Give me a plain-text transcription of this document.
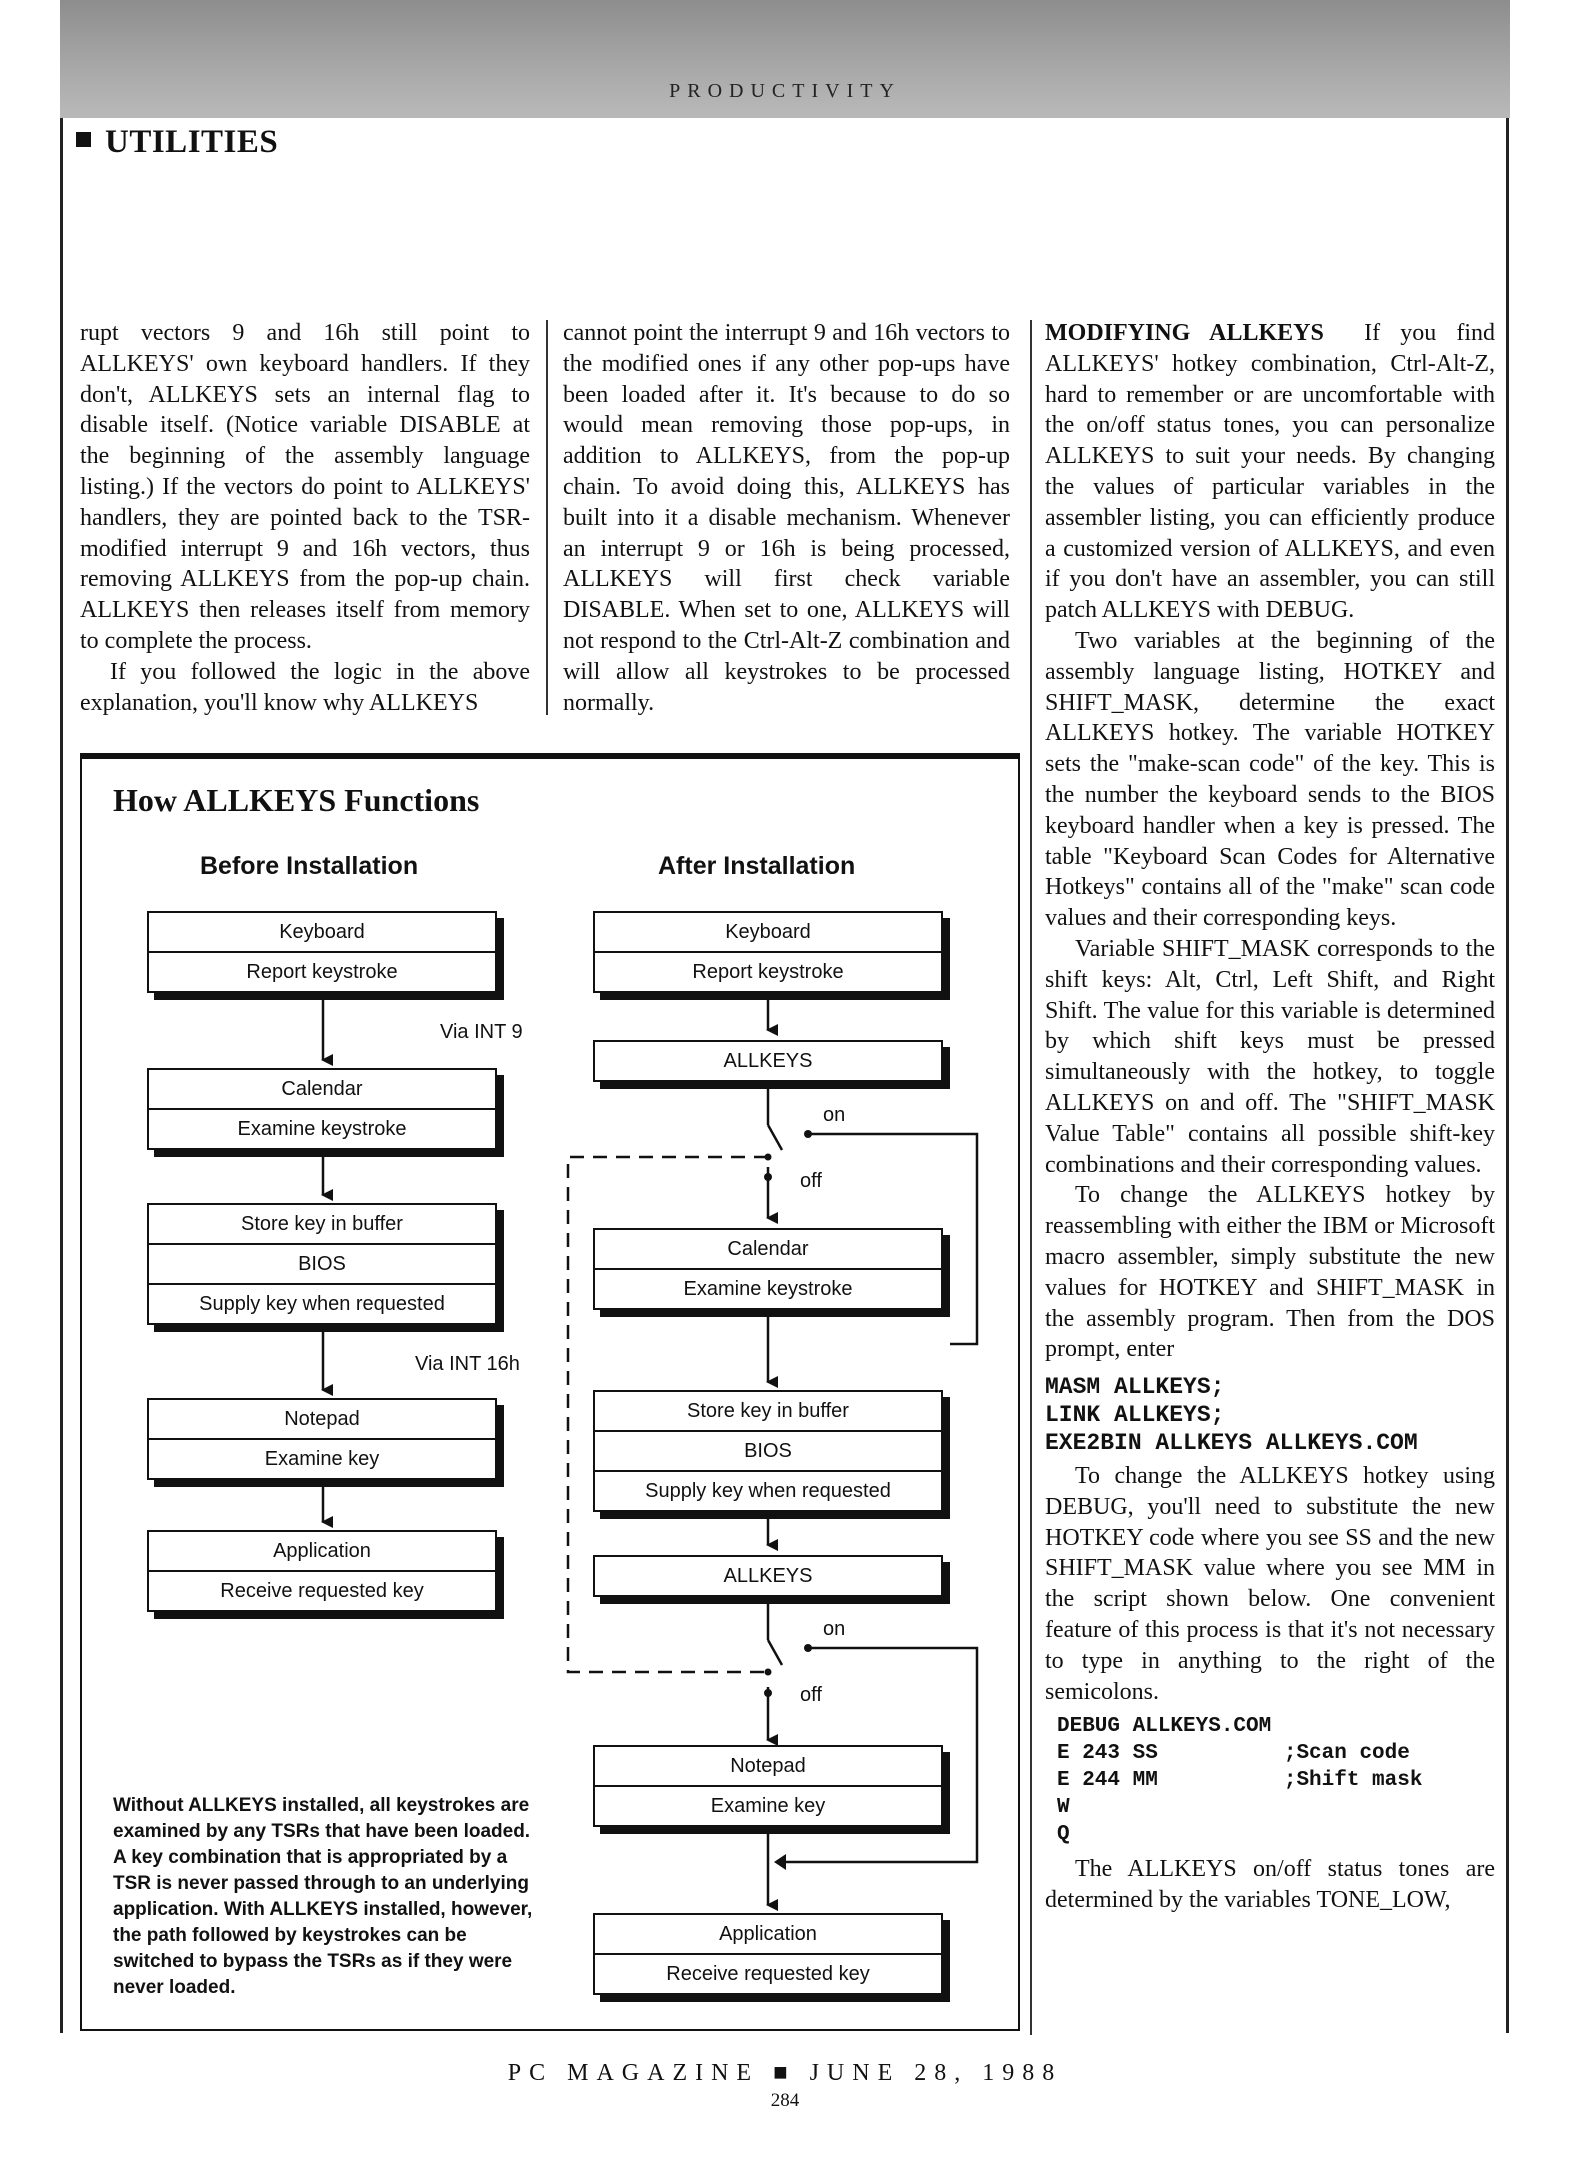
PRODUCTIVITY
UTILITIES

rupt vectors 9 and 16h still point to ALLKEYS' own keyboard handlers. If they don't, ALLKEYS sets an internal flag to disable itself. (Notice variable DISABLE at the beginning of the assembly language listing.) If the vectors do point to ALLKEYS' handlers, they are pointed back to the TSR-modified interrupt 9 and 16h vectors, thus removing ALLKEYS from the pop-up chain. ALLKEYS then releases itself from memory to complete the process.

If you followed the logic in the above explanation, you'll know why ALLKEYS

cannot point the interrupt 9 and 16h vectors to the modified ones if any other pop-ups have been loaded after it. It's because to do so would mean removing those pop-ups, in addition to ALLKEYS, from the pop-up chain. To avoid doing this, ALLKEYS has built into it a disable mechanism. Whenever an interrupt 9 or 16h is being processed, ALLKEYS will first check variable DISABLE. When set to one, ALLKEYS will not respond to the Ctrl-Alt-Z combination and will allow all keystrokes to be processed normally.

MODIFYING ALLKEYS If you find ALLKEYS' hotkey combination, Ctrl-Alt-Z, hard to remember or are uncomfortable with the on/off status tones, you can personalize ALLKEYS to suit your needs. By changing the values of particular variables in the assembler listing, you can efficiently produce a customized version of ALLKEYS, and even if you don't have an assembler, you can still patch ALLKEYS with DEBUG.

Two variables at the beginning of the assembly language listing, HOTKEY and SHIFT_MASK, determine the exact ALLKEYS hotkey. The variable HOTKEY sets the "make-scan code" of the key. This is the number the keyboard sends to the BIOS keyboard handler when a key is pressed. The table "Keyboard Scan Codes for Alternative Hotkeys" contains all of the "make" scan code values and their corresponding keys.

Variable SHIFT_MASK corresponds to the shift keys: Alt, Ctrl, Left Shift, and Right Shift. The value for this variable is determined by which shift keys must be pressed simultaneously with the hotkey, to toggle ALLKEYS on and off. The "SHIFT_MASK Value Table" contains all possible shift-key combinations and their corresponding values.

To change the ALLKEYS hotkey by reassembling with either the IBM or Microsoft macro assembler, simply substitute the new values for HOTKEY and SHIFT_MASK in the assembly program. Then from the DOS prompt, enter

MASM ALLKEYS;
LINK ALLKEYS;
EXE2BIN ALLKEYS ALLKEYS.COM

To change the ALLKEYS hotkey using DEBUG, you'll need to substitute the new HOTKEY code where you see SS and the new SHIFT_MASK value where you see MM in the script shown below. One convenient feature of this process is that it's not necessary to type in anything to the right of the semicolons.

DEBUG ALLKEYS.COM
E 243 SS          ;Scan code
E 244 MM          ;Shift mask
W
Q

The ALLKEYS on/off status tones are determined by the variables TONE_LOW,

How ALLKEYS Functions
Before Installation	After Installation
Keyboard
Report keystroke
Via INT 9
Calendar
Examine keystroke
Store key in buffer
BIOS
Supply key when requested
Via INT 16h
Notepad
Examine key
Application
Receive requested key
Keyboard
Report keystroke
ALLKEYS
on
off
Calendar
Examine keystroke
Store key in buffer
BIOS
Supply key when requested
ALLKEYS
on
off
Notepad
Examine key
Application
Receive requested key
Without ALLKEYS installed, all keystrokes are examined by any TSRs that have been loaded. A key combination that is appropriated by a TSR is never passed through to an underlying application. With ALLKEYS installed, however, the path followed by keystrokes can be switched to bypass the TSRs as if they were never loaded.
PC MAGAZINE ■ JUNE 28, 1988
284
